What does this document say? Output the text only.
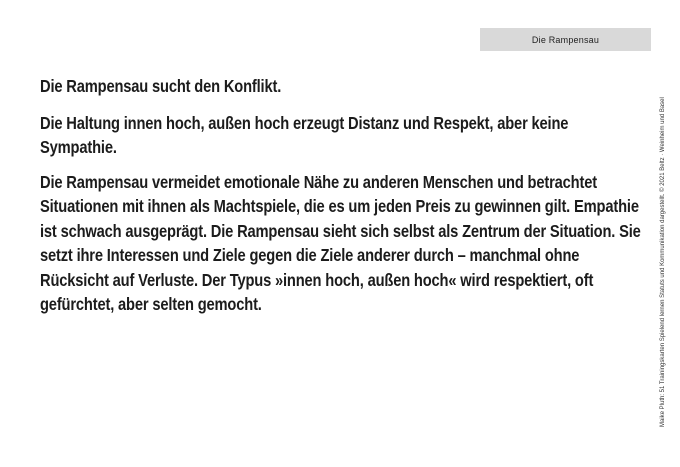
Die Rampensau

Die Rampensau sucht den Konflikt.

Die Haltung innen hoch, außen hoch erzeugt Distanz und Respekt, aber keine Sympathie.

Die Rampensau vermeidet emotionale Nähe zu anderen Menschen und betrachtet Situationen mit ihnen als Machtspiele, die es um jeden Preis zu gewinnen gilt. Empathie ist schwach ausgeprägt. Die Rampensau sieht sich selbst als Zentrum der Situation. Sie setzt ihre Interessen und Ziele gegen die Ziele anderer durch – manchmal ohne Rücksicht auf Verluste. Der Typus »innen hoch, außen hoch« wird respektiert, oft gefürchtet, aber selten gemocht.	Maike Pluth: 51 Trainingskarten Spielend lernen Statuts und Kommunikation dargestellt. © 2021 Beltz · Weinheim und Basel
